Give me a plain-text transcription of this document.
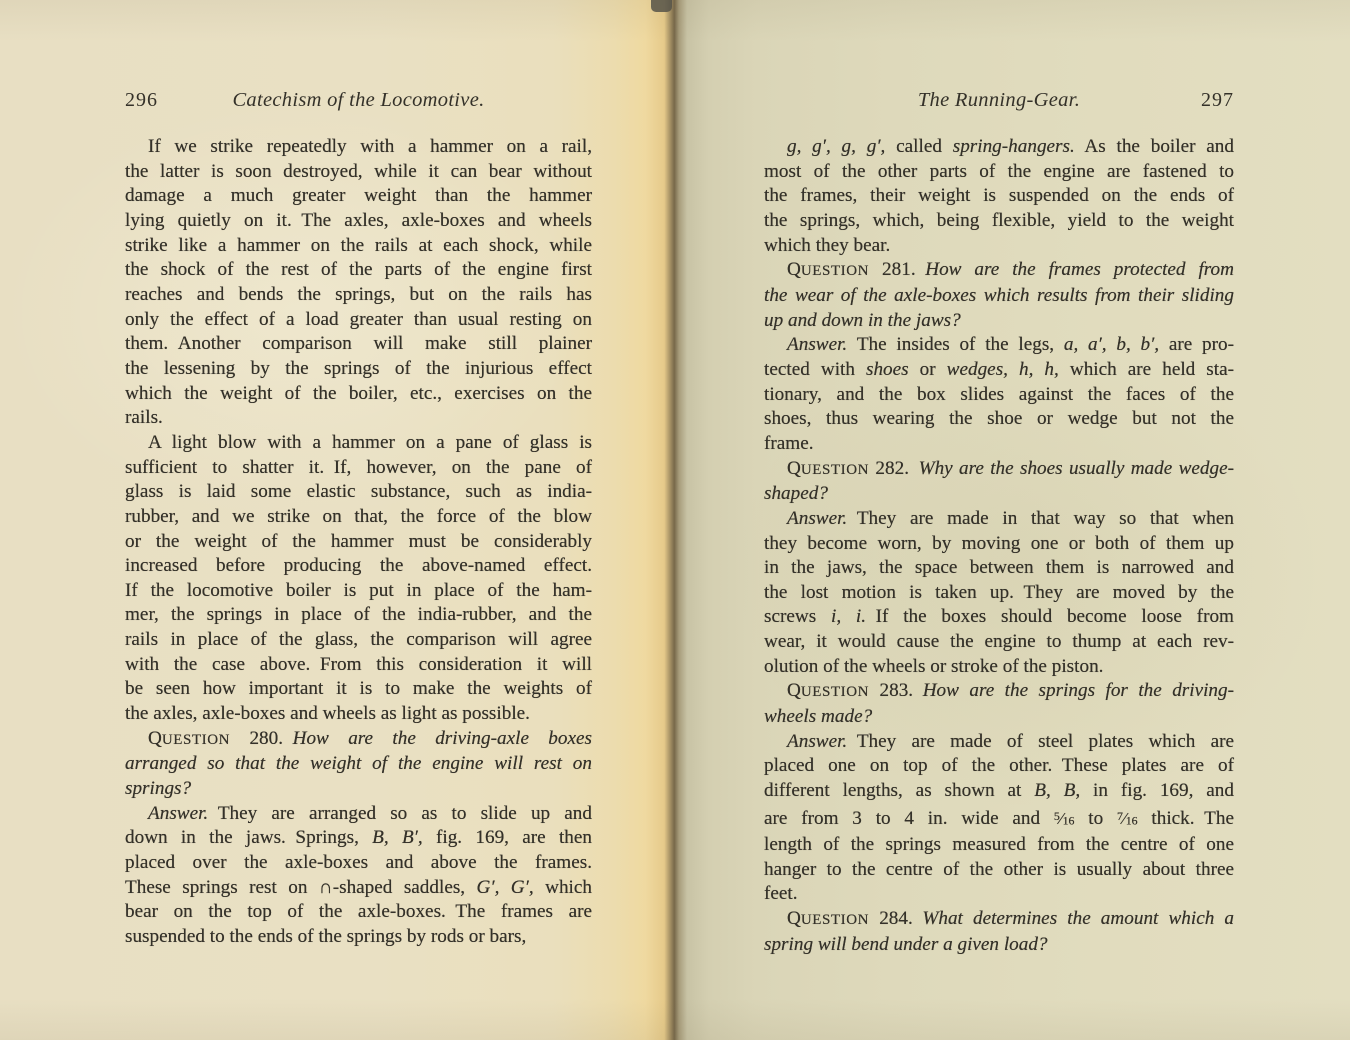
296	Catechism of the Locomotive.
If we strike repeatedly with a hammer on a rail,
the latter is soon destroyed, while it can bear without
damage a much greater weight than the hammer
lying quietly on it. The axles, axle-boxes and wheels
strike like a hammer on the rails at each shock, while
the shock of the rest of the parts of the engine first
reaches and bends the springs, but on the rails has
only the effect of a load greater than usual resting on
them. Another comparison will make still plainer
the lessening by the springs of the injurious effect
which the weight of the boiler, etc., exercises on the
rails.
A light blow with a hammer on a pane of glass is
sufficient to shatter it. If, however, on the pane of
glass is laid some elastic substance, such as india-
rubber, and we strike on that, the force of the blow
or the weight of the hammer must be considerably
increased before producing the above-named effect.
If the locomotive boiler is put in place of the ham-
mer, the springs in place of the india-rubber, and the
rails in place of the glass, the comparison will agree
with the case above. From this consideration it will
be seen how important it is to make the weights of
the axles, axle-boxes and wheels as light as possible.
QUESTION 280. How are the driving-axle boxes
arranged so that the weight of the engine will rest on
springs?
Answer. They are arranged so as to slide up and
down in the jaws. Springs, B, B′, fig. 169, are then
placed over the axle-boxes and above the frames.
These springs rest on ∩-shaped saddles, G′, G′, which
bear on the top of the axle-boxes. The frames are
suspended to the ends of the springs by rods or bars,
The Running-Gear.	297
g, g′, g, g′, called spring-hangers. As the boiler and
most of the other parts of the engine are fastened to
the frames, their weight is suspended on the ends of
the springs, which, being flexible, yield to the weight
which they bear.
QUESTION 281. How are the frames protected from
the wear of the axle-boxes which results from their sliding
up and down in the jaws?
Answer. The insides of the legs, a, a′, b, b′, are pro-
tected with shoes or wedges, h, h, which are held sta-
tionary, and the box slides against the faces of the
shoes, thus wearing the shoe or wedge but not the
frame.
QUESTION 282. Why are the shoes usually made wedge-
shaped?
Answer. They are made in that way so that when
they become worn, by moving one or both of them up
in the jaws, the space between them is narrowed and
the lost motion is taken up. They are moved by the
screws i, i. If the boxes should become loose from
wear, it would cause the engine to thump at each rev-
olution of the wheels or stroke of the piston.
QUESTION 283. How are the springs for the driving-
wheels made?
Answer. They are made of steel plates which are
placed one on top of the other. These plates are of
different lengths, as shown at B, B, in fig. 169, and
are from 3 to 4 in. wide and $^5$⁄16 to $^7$⁄16 thick. The
length of the springs measured from the centre of one
hanger to the centre of the other is usually about three
feet.
QUESTION 284. What determines the amount which a
spring will bend under a given load?
